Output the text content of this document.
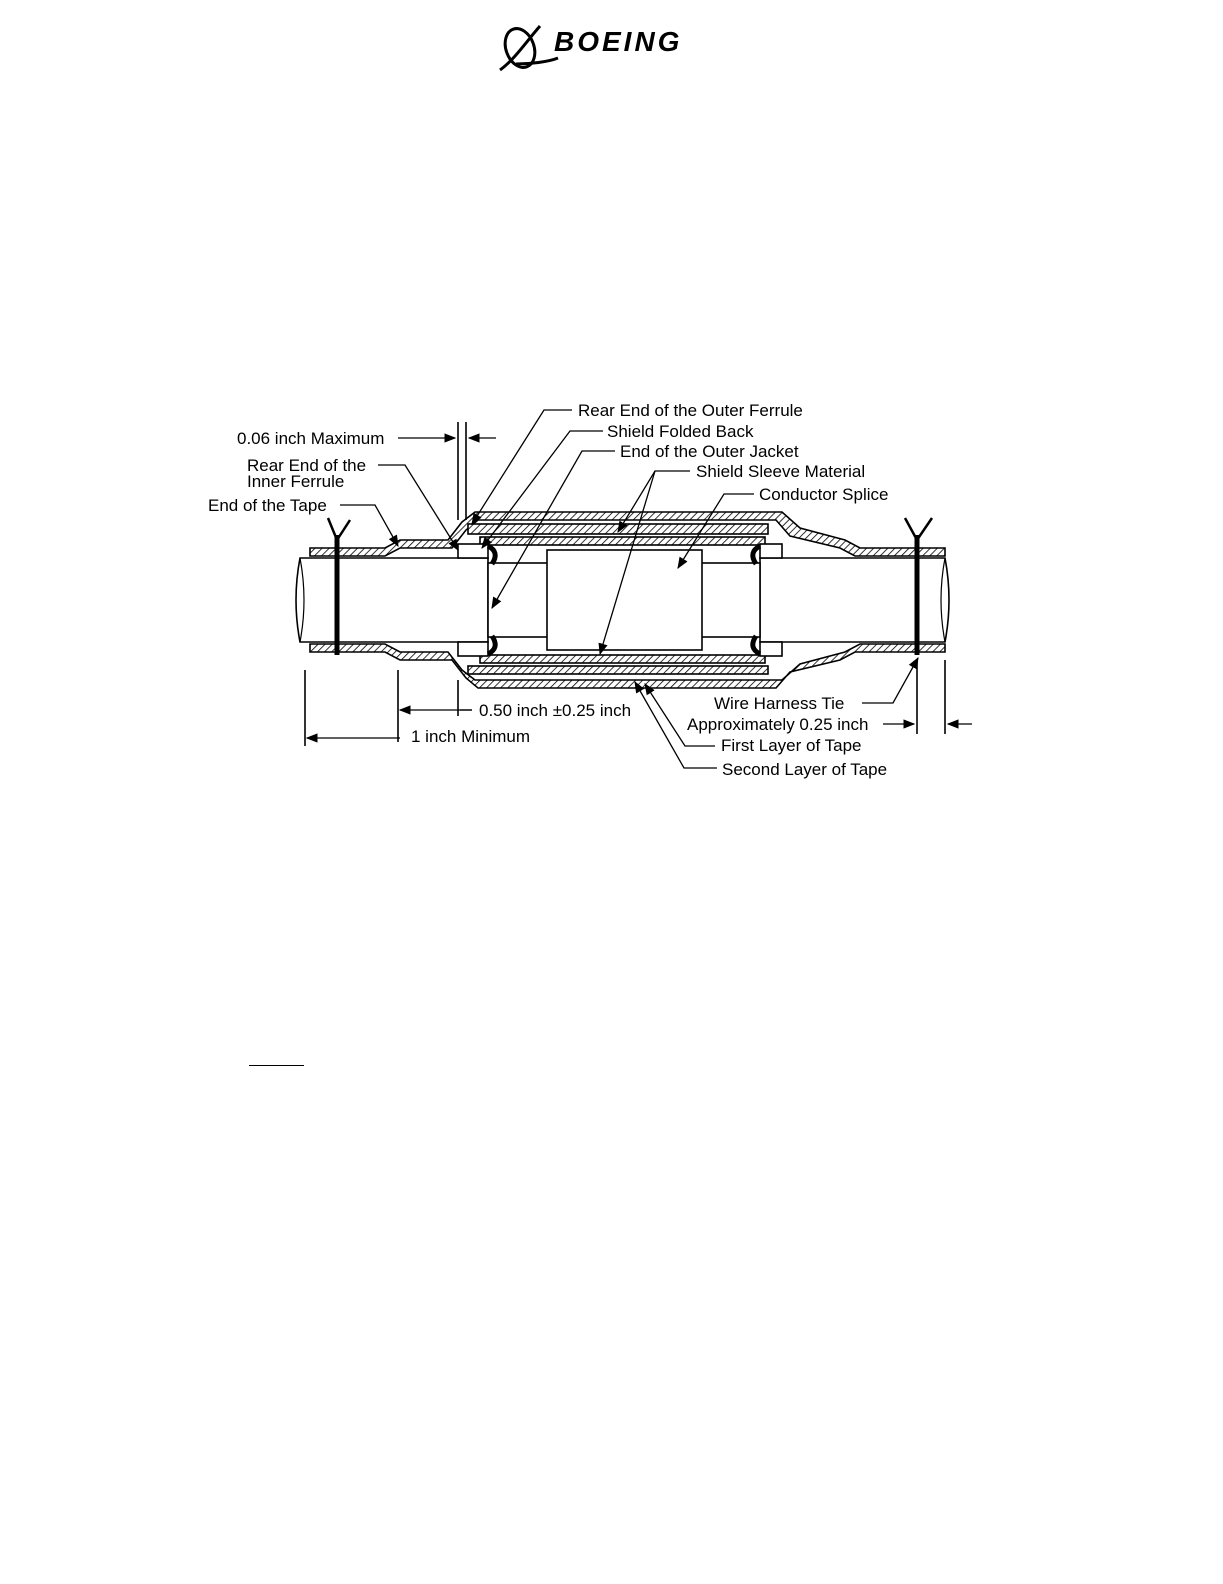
BOEING
Rear End of the Outer Ferrule
Shield Folded Back
End of the Outer Jacket
Shield Sleeve Material
Conductor Splice
0.06 inch Maximum
Rear End of the
Inner Ferrule
End of the Tape
0.50 inch ±0.25 inch
1 inch Minimum
Wire Harness Tie
Approximately 0.25 inch
First Layer of Tape
Second Layer of Tape
